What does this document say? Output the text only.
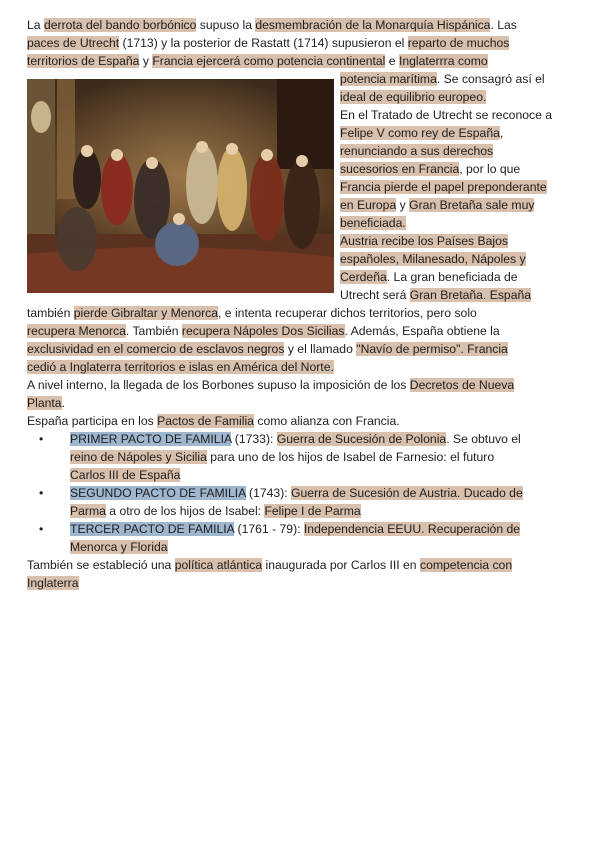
La derrota del bando borbónico supuso la desmembración de la Monarquía Hispánica. Las
paces de Utrecht (1713) y la posterior de Rastatt (1714) supusieron el reparto de muchos
territorios de España y Francia ejercerá como potencia continental e Inglaterrra como
potencia marítima. Se consagró así el
ideal de equilibrio europeo.
En el Tratado de Utrecht se reconoce a
Felipe V como rey de España,
renunciando a sus derechos
sucesorios en Francia, por lo que
Francia pierde el papel preponderante
en Europa y Gran Bretaña sale muy
beneficiada.
Austria recibe los Países Bajos
españoles, Milanesado, Nápoles y
Cerdeña. La gran beneficiada de
Utrecht será Gran Bretaña. España
también pierde Gibraltar y Menorca, e intenta recuperar dichos territorios, pero solo
recupera Menorca. También recupera Nápoles Dos Sicilias. Además, España obtiene la
exclusividad en el comercio de esclavos negros y el llamado "Navío de permiso". Francia
cedió a Inglaterra territorios e islas en América del Norte.
A nivel interno, la llegada de los Borbones supuso la imposición de los Decretos de Nueva
Planta.
España participa en los Pactos de Familia como alianza con Francia.
• PRIMER PACTO DE FAMILIA (1733): Guerra de Sucesión de Polonia. Se obtuvo el
reino de Nápoles y Sicilia para uno de los hijos de Isabel de Farnesio: el futuro
Carlos III de España
• SEGUNDO PACTO DE FAMILIA (1743): Guerra de Sucesión de Austria. Ducado de
Parma a otro de los hijos de Isabel: Felipe I de Parma
• TERCER PACTO DE FAMILIA (1761 - 79): Independencia EEUU. Recuperación de
Menorca y Florida
También se estableció una política atlántica inaugurada por Carlos III en competencia con
Inglaterra
